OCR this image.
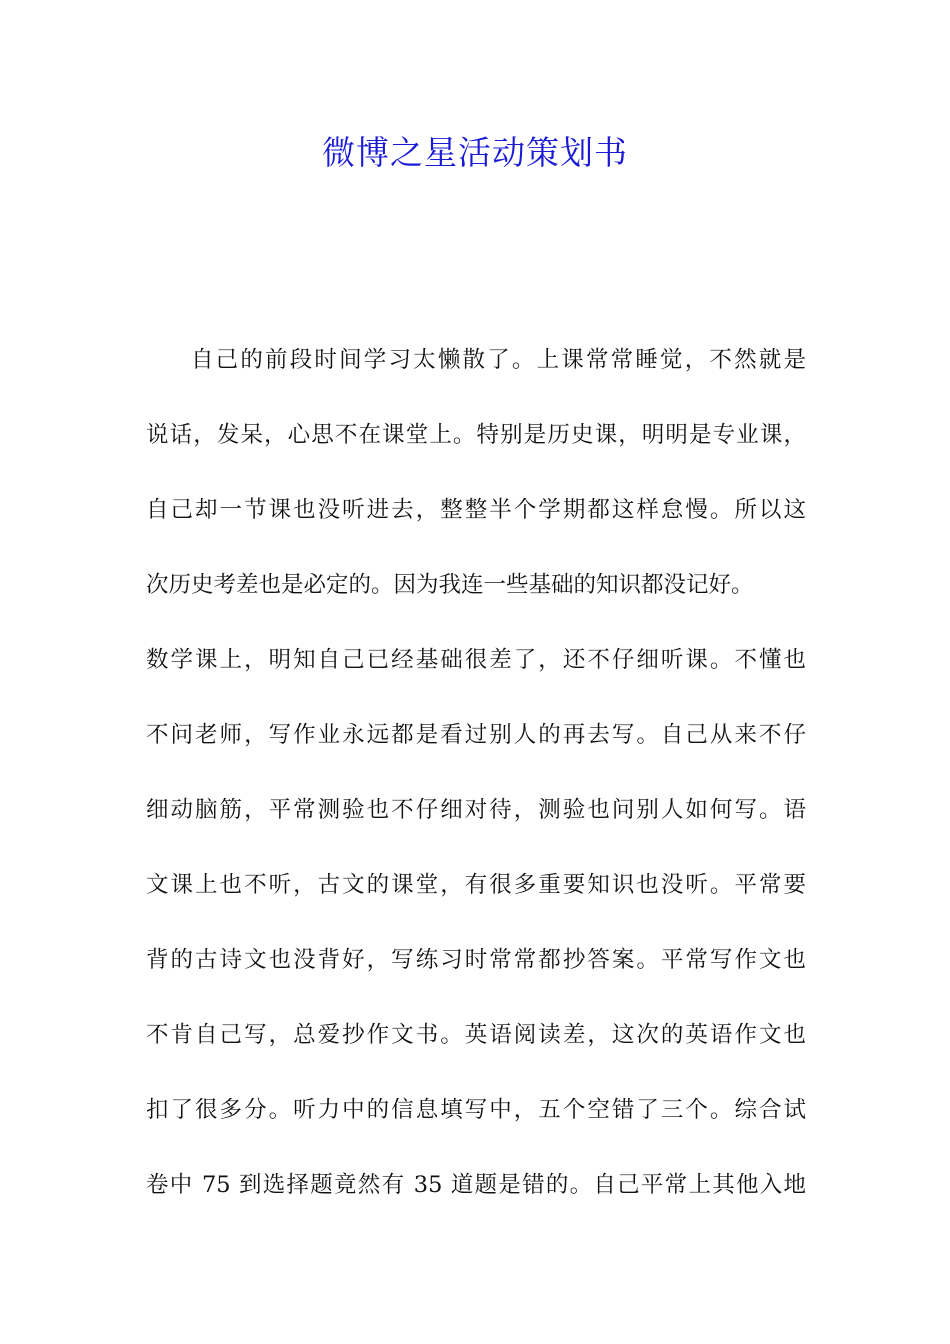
微博之星活动策划书
自己的前段时间学习太懒散了。上课常常睡觉，不然就是
说话，发呆，心思不在课堂上。特别是历史课，明明是专业课，
自己却一节课也没听进去，整整半个学期都这样怠慢。所以这
次历史考差也是必定的。因为我连一些基础的知识都没记好。
数学课上，明知自己已经基础很差了，还不仔细听课。不懂也
不问老师，写作业永远都是看过别人的再去写。自己从来不仔
细动脑筋，平常测验也不仔细对待，测验也问别人如何写。语
文课上也不听，古文的课堂，有很多重要知识也没听。平常要
背的古诗文也没背好，写练习时常常都抄答案。平常写作文也
不肯自己写，总爱抄作文书。英语阅读差，这次的英语作文也
扣了很多分。听力中的信息填写中，五个空错了三个。综合试
卷中 75 到选择题竟然有 35 道题是错的。自己平常上其他入地
